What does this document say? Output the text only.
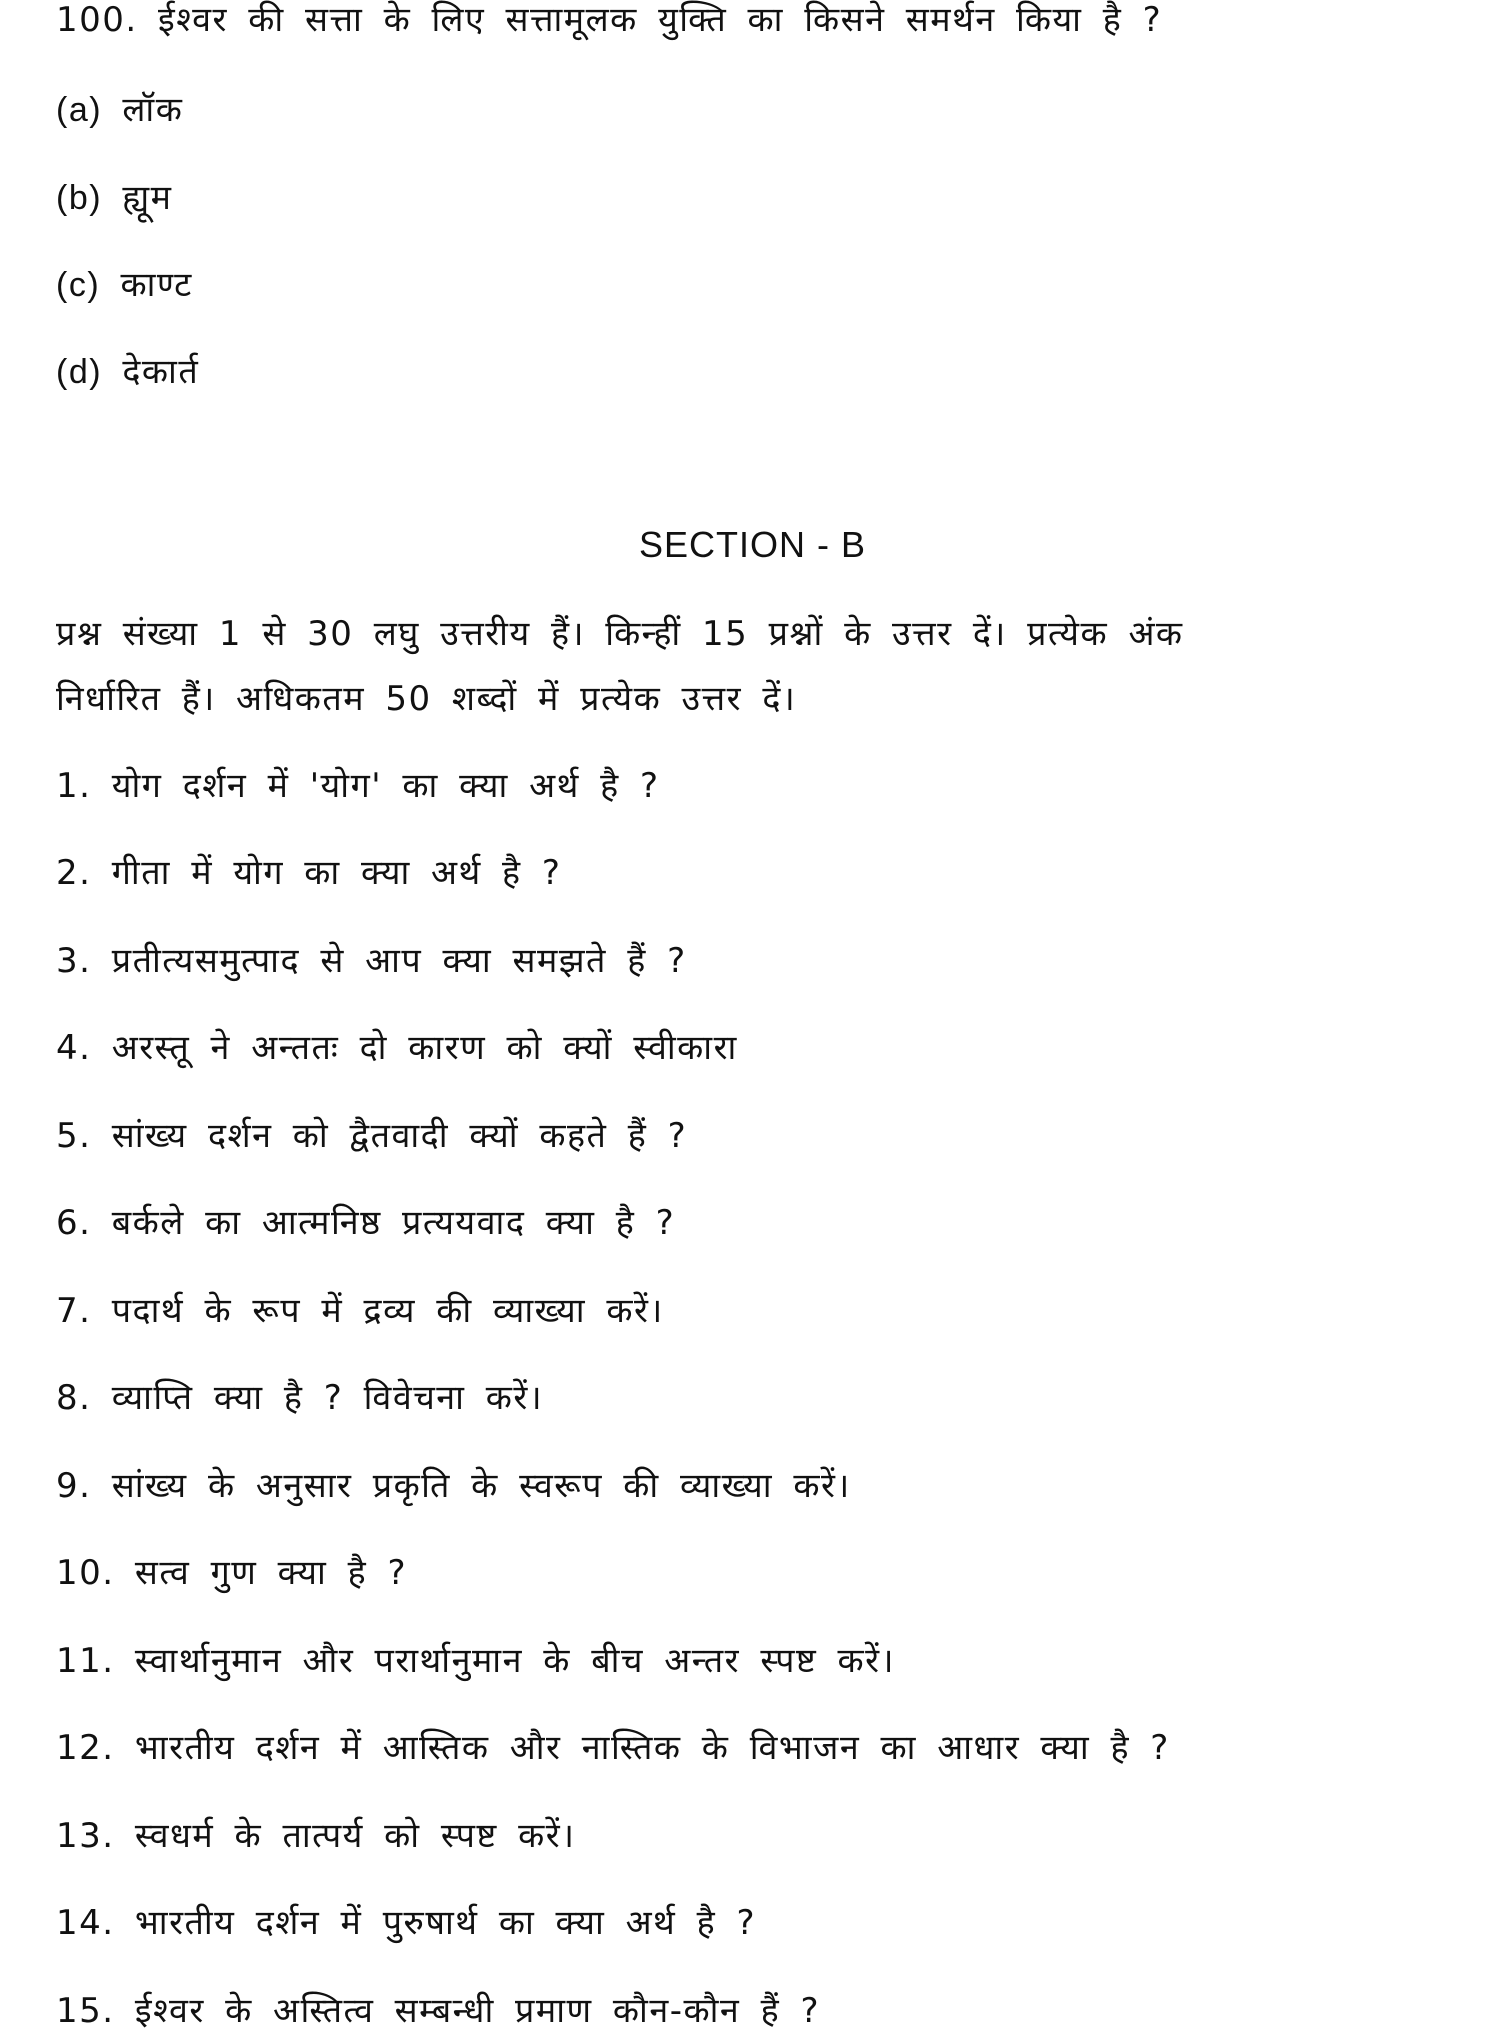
100. ईश्वर की सत्ता के लिए सत्तामूलक युक्ति का किसने समर्थन किया है ?
(a) लॉक
(b) ह्यूम
(c) काण्ट
(d) देकार्त
SECTION - B
प्रश्न संख्या 1 से 30 लघु उत्तरीय हैं। किन्हीं 15 प्रश्नों के उत्तर दें। प्रत्येक अंक
निर्धारित हैं। अधिकतम 50 शब्दों में प्रत्येक उत्तर दें।
1. योग दर्शन में 'योग' का क्या अर्थ है ?
2. गीता में योग का क्या अर्थ है ?
3. प्रतीत्यसमुत्पाद से आप क्या समझते हैं ?
4. अरस्तू ने अन्ततः दो कारण को क्यों स्वीकारा
5. सांख्य दर्शन को द्वैतवादी क्यों कहते हैं ?
6. बर्कले का आत्मनिष्ठ प्रत्ययवाद क्या है ?
7. पदार्थ के रूप में द्रव्य की व्याख्या करें।
8. व्याप्ति क्या है ? विवेचना करें।
9. सांख्य के अनुसार प्रकृति के स्वरूप की व्याख्या करें।
10. सत्व गुण क्या है ?
11. स्वार्थानुमान और परार्थानुमान के बीच अन्तर स्पष्ट करें।
12. भारतीय दर्शन में आस्तिक और नास्तिक के विभाजन का आधार क्या है ?
13. स्वधर्म के तात्पर्य को स्पष्ट करें।
14. भारतीय दर्शन में पुरुषार्थ का क्या अर्थ है ?
15. ईश्वर के अस्तित्व सम्बन्धी प्रमाण कौन-कौन हैं ?
